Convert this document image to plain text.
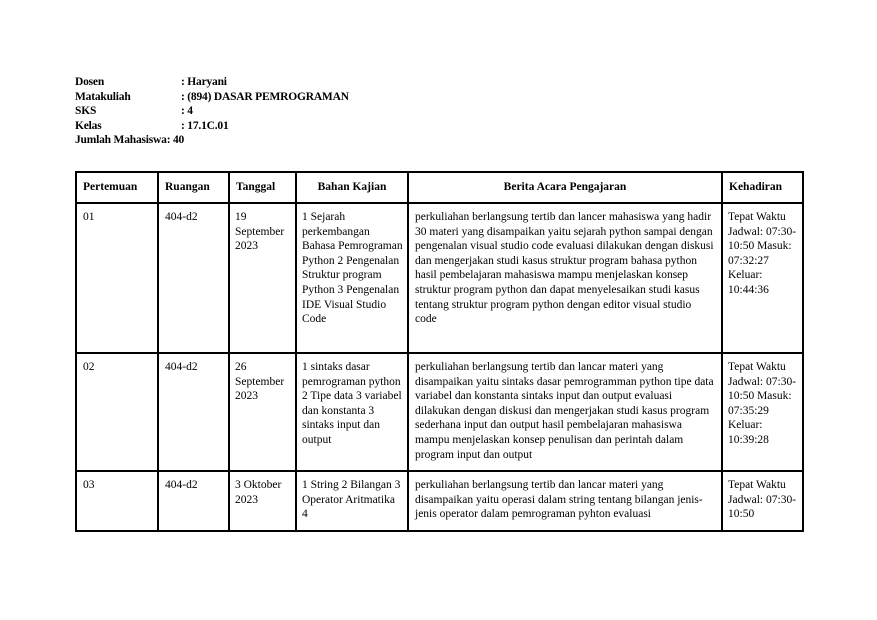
Dosen	: Haryani
Matakuliah	: (894) DASAR PEMROGRAMAN
SKS	: 4
Kelas	: 17.1C.01
Jumlah Mahasiswa : 40
Pertemuan	Ruangan	Tanggal	Bahan Kajian	Berita Acara Pengajaran	Kehadiran

01	404-d2	19 September 2023	1 Sejarah perkembangan Bahasa Pemrograman Python 2 Pengenalan Struktur program Python 3 Pengenalan IDE Visual Studio Code	perkuliahan berlangsung tertib dan lancer mahasiswa yang hadir 30 materi yang disampaikan yaitu sejarah python sampai dengan pengenalan visual studio code evaluasi dilakukan dengan diskusi dan mengerjakan studi kasus struktur program bahasa python hasil pembelajaran mahasiswa mampu menjelaskan konsep struktur program python dan dapat menyelesaikan studi kasus tentang struktur program python dengan editor visual studio code	Tepat Waktu Jadwal: 07:30-10:50 Masuk: 07:32:27 Keluar: 10:44:36

02	404-d2	26 September 2023	1 sintaks dasar pemrograman python 2 Tipe data 3 variabel dan konstanta 3 sintaks input dan output	perkuliahan berlangsung tertib dan lancar materi yang disampaikan yaitu sintaks dasar pemrogramman python tipe data variabel dan konstanta sintaks input dan output evaluasi dilakukan dengan diskusi dan mengerjakan studi kasus program sederhana input dan output hasil pembelajaran mahasiswa mampu menjelaskan konsep penulisan dan perintah dalam program input dan output	Tepat Waktu Jadwal: 07:30-10:50 Masuk: 07:35:29 Keluar: 10:39:28

03	404-d2	3 Oktober 2023	1 String 2 Bilangan 3 Operator Aritmatika 4	perkuliahan berlangsung tertib dan lancar materi yang disampaikan yaitu operasi dalam string tentang bilangan jenis-jenis operator dalam pemrograman pyhton evaluasi	Tepat Waktu Jadwal: 07:30-10:50
